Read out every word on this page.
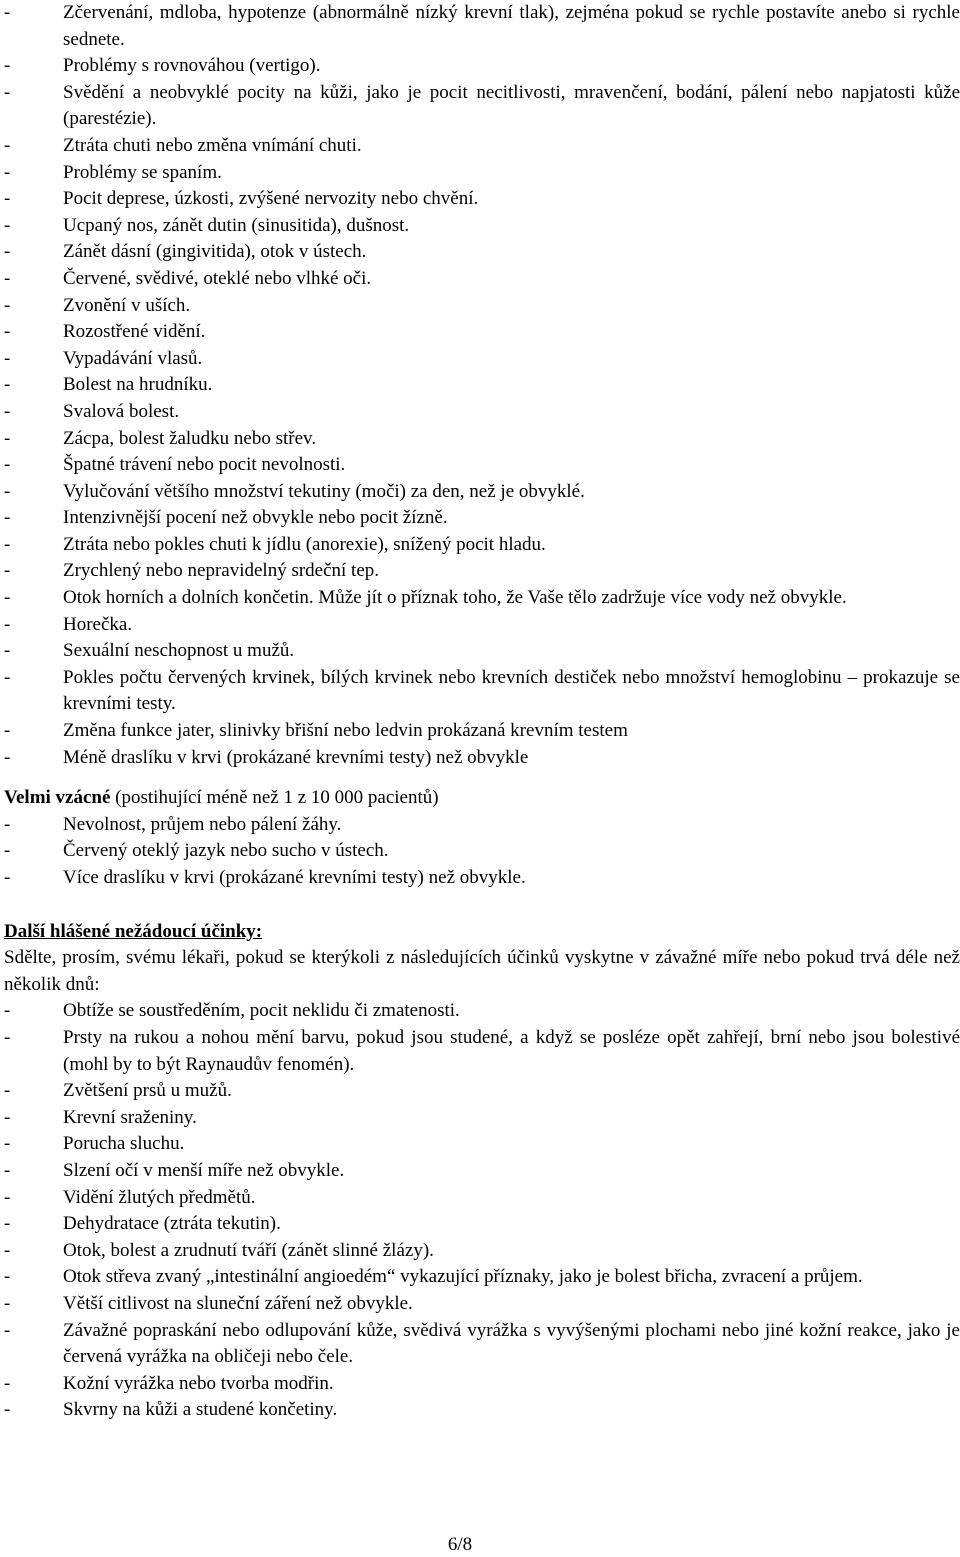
- Zčervenání, mdloba, hypotenze (abnormálně nízký krevní tlak), zejména pokud se rychle postavíte anebo si rychle sednete.
- Problémy s rovnováhou (vertigo).
- Svědění a neobvyklé pocity na kůži, jako je pocit necitlivosti, mravenčení, bodání, pálení nebo napjatosti kůže (parestézie).
- Ztráta chuti nebo změna vnímání chuti.
- Problémy se spaním.
- Pocit deprese, úzkosti, zvýšené nervozity nebo chvění.
- Ucpaný nos, zánět dutin (sinusitida), dušnost.
- Zánět dásní (gingivitida), otok v ústech.
- Červené, svědivé, oteklé nebo vlhké oči.
- Zvonění v uších.
- Rozostřené vidění.
- Vypadávání vlasů.
- Bolest na hrudníku.
- Svalová bolest.
- Zácpa, bolest žaludku nebo střev.
- Špatné trávení nebo pocit nevolnosti.
- Vylučování většího množství tekutiny (moči) za den, než je obvyklé.
- Intenzivnější pocení než obvykle nebo pocit žízně.
- Ztráta nebo pokles chuti k jídlu (anorexie), snížený pocit hladu.
- Zrychlený nebo nepravidelný srdeční tep.
- Otok horních a dolních končetin. Může jít o příznak toho, že Vaše tělo zadržuje více vody než obvykle.
- Horečka.
- Sexuální neschopnost u mužů.
- Pokles počtu červených krvinek, bílých krvinek nebo krevních destiček nebo množství hemoglobinu – prokazuje se krevními testy.
- Změna funkce jater, slinivky břišní nebo ledvin prokázaná krevním testem
- Méně draslíku v krvi (prokázané krevními testy) než obvykle
Velmi vzácné (postihující méně než 1 z 10 000 pacientů)
- Nevolnost, průjem nebo pálení žáhy.
- Červený oteklý jazyk nebo sucho v ústech.
- Více draslíku v krvi (prokázané krevními testy) než obvykle.
Další hlášené nežádoucí účinky:

Sdělte, prosím, svému lékaři, pokud se kterýkoli z následujících účinků vyskytne v závažné míře nebo pokud trvá déle než několik dnů:

- Obtíže se soustředěním, pocit neklidu či zmatenosti.
- Prsty na rukou a nohou mění barvu, pokud jsou studené, a když se posléze opět zahřejí, brní nebo jsou bolestivé (mohl by to být Raynaudův fenomén).
- Zvětšení prsů u mužů.
- Krevní sraženiny.
- Porucha sluchu.
- Slzení očí v menší míře než obvykle.
- Vidění žlutých předmětů.
- Dehydratace (ztráta tekutin).
- Otok, bolest a zrudnutí tváří (zánět slinné žlázy).
- Otok střeva zvaný „intestinální angioedém“ vykazující příznaky, jako je bolest břicha, zvracení a průjem.
- Větší citlivost na sluneční záření než obvykle.
- Závažné popraskání nebo odlupování kůže, svědivá vyrážka s vyvýšenými plochami nebo jiné kožní reakce, jako je červená vyrážka na obličeji nebo čele.
- Kožní vyrážka nebo tvorba modřin.
- Skvrny na kůži a studené končetiny.
6/8
